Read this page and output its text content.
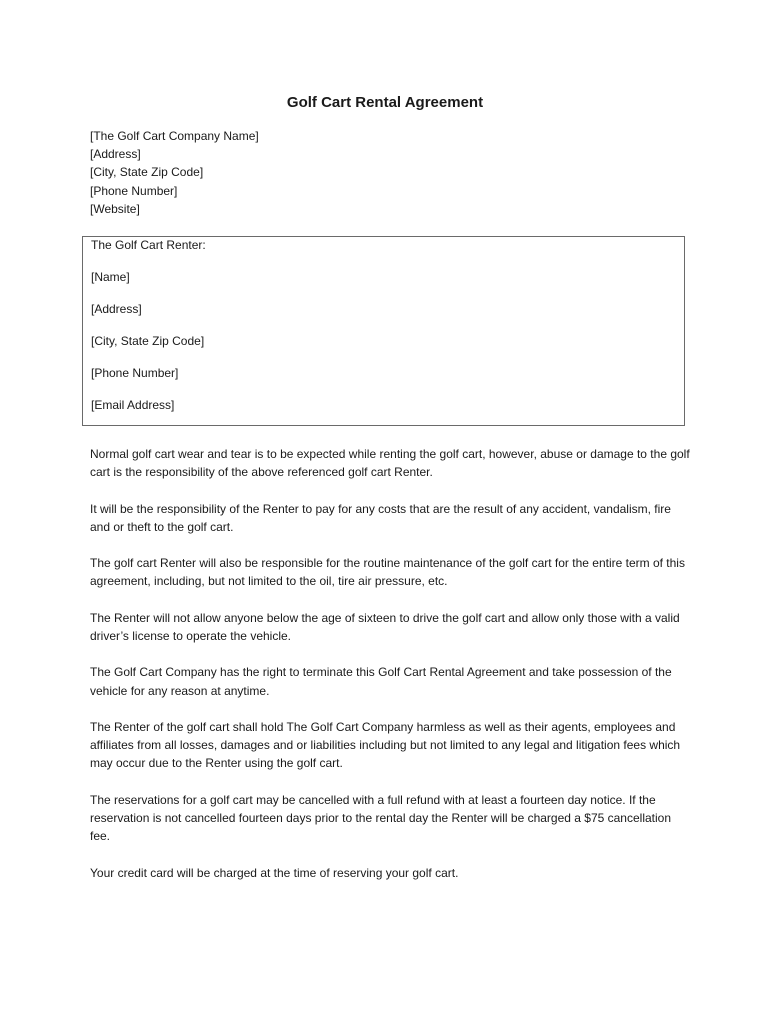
Golf Cart Rental Agreement
[The Golf Cart Company Name]
[Address]
[City, State Zip Code]
[Phone Number]
[Website]
The Golf Cart Renter:
[Name]
[Address]
[City, State Zip Code]
[Phone Number]
[Email Address]

Normal golf cart wear and tear is to be expected while renting the golf cart, however, abuse or damage to the golf cart is the responsibility of the above referenced golf cart Renter.

It will be the responsibility of the Renter to pay for any costs that are the result of any accident, vandalism, fire and or theft to the golf cart.

The golf cart Renter will also be responsible for the routine maintenance of the golf cart for the entire term of this agreement, including, but not limited to the oil, tire air pressure, etc.

The Renter will not allow anyone below the age of sixteen to drive the golf cart and allow only those with a valid driver’s license to operate the vehicle.

The Golf Cart Company has the right to terminate this Golf Cart Rental Agreement and take possession of the vehicle for any reason at anytime.

The Renter of the golf cart shall hold The Golf Cart Company harmless as well as their agents, employees and affiliates from all losses, damages and or liabilities including but not limited to any legal and litigation fees which may occur due to the Renter using the golf cart.

The reservations for a golf cart may be cancelled with a full refund with at least a fourteen day notice. If the reservation is not cancelled fourteen days prior to the rental day the Renter will be charged a $75 cancellation fee.

Your credit card will be charged at the time of reserving your golf cart.
